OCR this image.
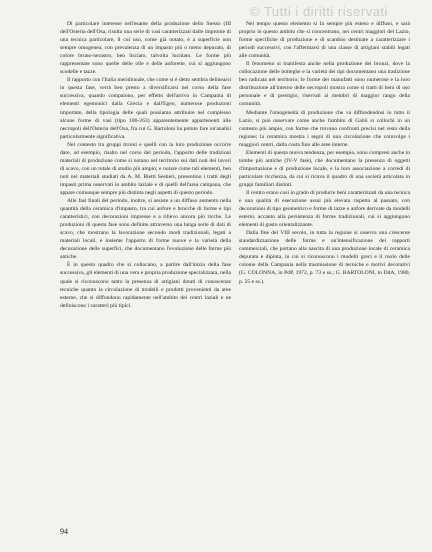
© Tutti i diritti riservati

Di particolare interesse nell'esame della produzione dello Stesso (III dell'Osteria dell'Osa, risulta una serie di vasi caratterizzati dalle impronte di una tecnica particolare, il cui uso, come già notato, è a superficie non sempre omogenea, con prevalenza di un impasto più o meno depurato, di colore bruno-nerastro, ben lisciato, talvolta lucidato. Le forme più rappresentate sono quelle delle olle e delle anforette, cui si aggiungono scodelle e tazze.

Il rapporto con l'Italia meridionale, che come si è detto sembra delinearsi in questa fase, verrà ben presto a diversificarsi nel corso della fase successiva, quando compaiono, per effetto dell'arrivo in Campania di elementi egemonici dalla Grecia e dall'Egeo, numerose produzioni importate, della tipologia delle quali possiamo attribuire nel complesso alcune forme di vasi (tipo 180-263) apparentemente appartenenti alle necropoli dell'Osteria dell'Osa, fra cui G. Bartoloni ha potuto fare un'analisi particolarmente significativa.

Nel contesto tra gruppi tirreni e quelli con la loro produzione occorre dare, ad esempio, risalto nel corso del periodo, l'apporto delle tradizioni materiali di produzione come si notano nel territorio sui dati noti dei lavori di scavo, con un totale di studio più ampio; e notare come tali elementi, ben noti nei materiali studiati da A. M. Bietti Sestieri, presentino i tratti degli impasti prima osservati in ambito laziale e di quelli dell'area campana, che appare comunque sempre più distinta negli aspetti di questo periodo.

Alle fasi finali del periodo, inoltre, si assiste a un diffuso aumento nella quantità della ceramica d'impasto, tra cui anfore e brocche di forme e tipi caratteristici, con decorazioni impresse e a rilievo ancora più ricche. Le produzioni di questa fase sono definite attraverso una lunga serie di dati di scavo, che mostrano la lavorazione secondo modi tradizionali, legati a materiali locali, e insieme l'apporto di forme nuove e la varietà della decorazione delle superfici, che documentano l'evoluzione delle forme più antiche.

È in questo quadro che si collocano, a partire dall'inizio della fase successiva, gli elementi di una vera e propria produzione specializzata, nella quale si riconoscono tanto la presenza di artigiani dotati di conoscenze tecniche quanto la circolazione di modelli e prodotti provenienti da aree esterne, che si diffondono rapidamente nell'ambito dei centri laziali e ne definiscono i caratteri più tipici.

Nel tempo questo elemento si fa sempre più esteso e diffuso, e sarà proprio in questo ambito che si concentrano, nei centri maggiori del Lazio, forme specifiche di produzione e di scambio destinate a caratterizzare i periodi successivi, con l'affermarsi di una classe di artigiani stabili legati alle comunità.

Il fenomeno si manifesta anche nella produzione dei bronzi, dove la collocazione delle botteghe e la varietà dei tipi documentano una tradizione ben radicata nel territorio; le forme dei manufatti sono numerose e la loro distribuzione all'interno delle necropoli mostra come si tratti di beni di uso personale e di prestigio, riservati ai membri di maggior rango della comunità.

Mediante l'omogeneità di produzione che va diffondendosi in tutto il Lazio, si può osservare come anche l'ambito di Gabii si collochi in un contesto più ampio, con forme che trovano confronti precisi nel resto della regione; la ceramica mostra i segni di una circolazione che coinvolge i maggiori centri, dalla costa fino alle aree interne.

Elementi di questa nuova tendenza, per esempio, sono compresi anche in tombe più antiche (IV-V fase), che documentano la presenza di oggetti d'importazione e di produzione locale, e la loro associazione a corredi di particolare ricchezza, da cui si ricava il quadro di una società articolata in gruppi familiari distinti.

Il centro erano così in grado di produrre beni caratterizzati da una tecnica e una qualità di esecuzione assai più elevata rispetto al passato, con decorazioni di tipo geometrico e forme di tazze e anfore derivate da modelli esterni, accanto alla persistenza di forme tradizionali, cui si aggiungono elementi di gusto orientalizzante.

Dalla fine del VIII secolo, in tutta la regione si osserva una crescente standardizzazione delle forme e un'intensificazione dei rapporti commerciali, che portano alla nascita di una produzione locale di ceramica depurata e dipinta, in cui si riconoscono i modelli greci e il ruolo delle colonie della Campania nella trasmissione di tecniche e motivi decorativi (G. COLONNA, in PdP, 1972, p. 73 e ss.; G. BARTOLONI, in DdA, 1980, p. 25 e ss.).

94
